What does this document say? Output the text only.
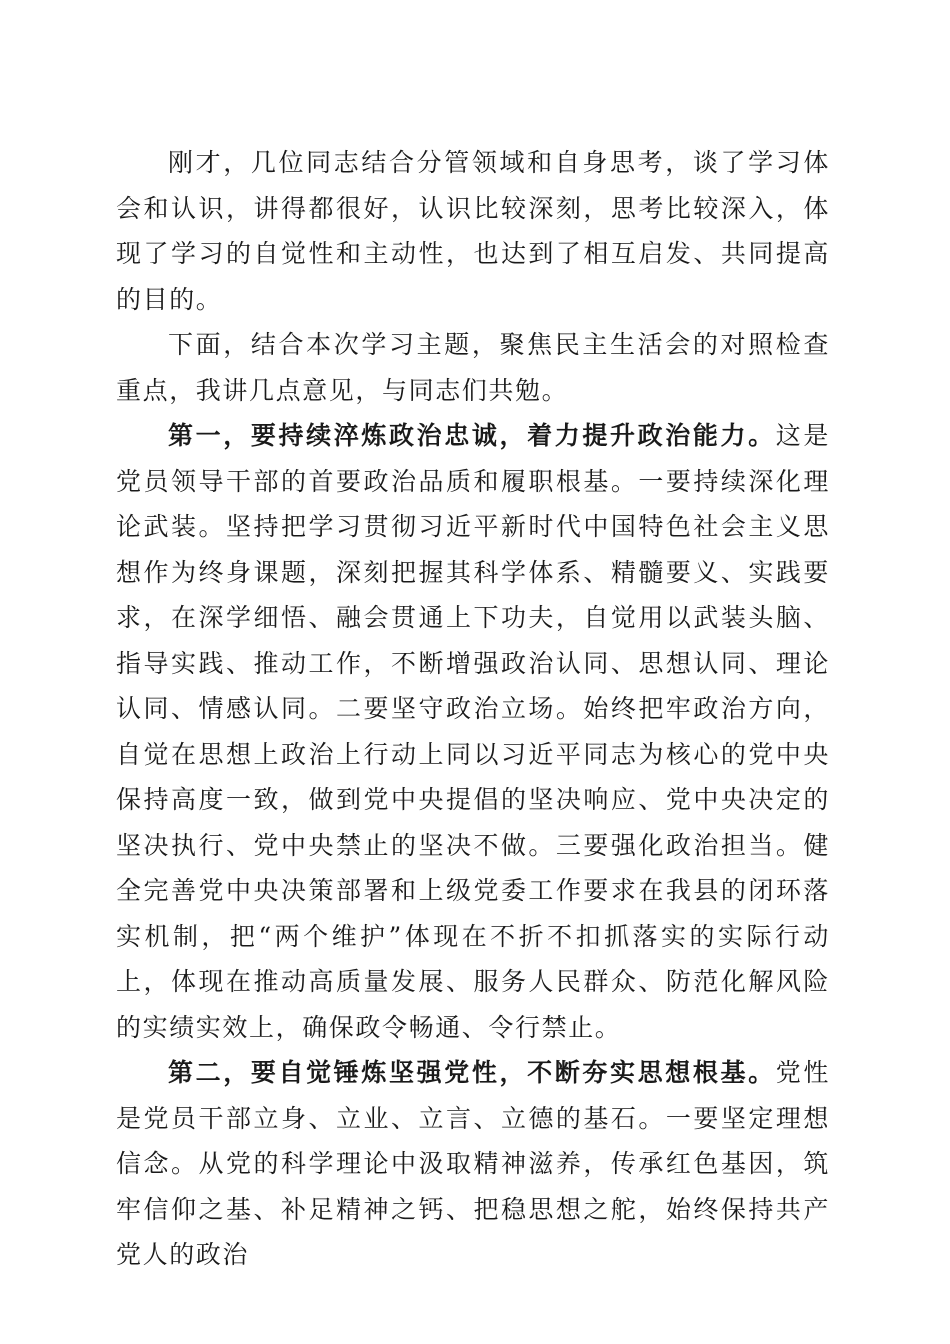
刚才，几位同志结合分管领域和自身思考，谈了学习体会和认识，讲得都很好，认识比较深刻，思考比较深入，体现了学习的自觉性和主动性，也达到了相互启发、共同提高的目的。

下面，结合本次学习主题，聚焦民主生活会的对照检查重点，我讲几点意见，与同志们共勉。

第一，要持续淬炼政治忠诚，着力提升政治能力。这是党员领导干部的首要政治品质和履职根基。一要持续深化理论武装。坚持把学习贯彻习近平新时代中国特色社会主义思想作为终身课题，深刻把握其科学体系、精髓要义、实践要求，在深学细悟、融会贯通上下功夫，自觉用以武装头脑、指导实践、推动工作，不断增强政治认同、思想认同、理论认同、情感认同。二要坚守政治立场。始终把牢政治方向，自觉在思想上政治上行动上同以习近平同志为核心的党中央保持高度一致，做到党中央提倡的坚决响应、党中央决定的坚决执行、党中央禁止的坚决不做。三要强化政治担当。健全完善党中央决策部署和上级党委工作要求在我县的闭环落实机制，把“两个维护”体现在不折不扣抓落实的实际行动上，体现在推动高质量发展、服务人民群众、防范化解风险的实绩实效上，确保政令畅通、令行禁止。

第二，要自觉锤炼坚强党性，不断夯实思想根基。党性是党员干部立身、立业、立言、立德的基石。一要坚定理想信念。从党的科学理论中汲取精神滋养，传承红色基因，筑牢信仰之基、补足精神之钙、把稳思想之舵，始终保持共产党人的政治
